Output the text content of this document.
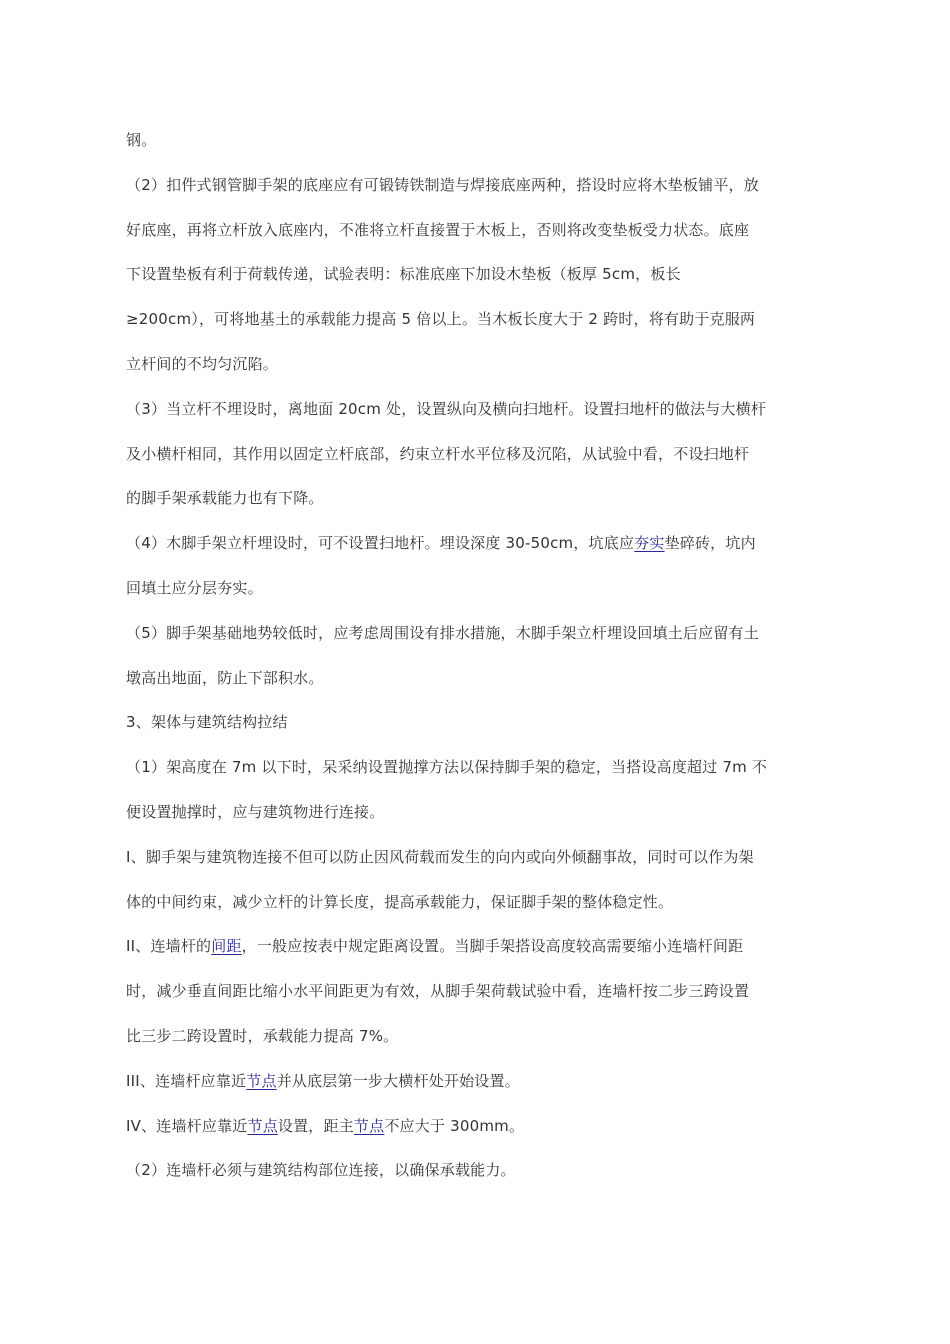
钢。
（2）扣件式钢管脚手架的底座应有可锻铸铁制造与焊接底座两种，搭设时应将木垫板铺平，放
好底座，再将立杆放入底座内，不准将立杆直接置于木板上，否则将改变垫板受力状态。底座
下设置垫板有利于荷载传递，试验表明：标准底座下加设木垫板（板厚 5cm，板长
≥200cm），可将地基土的承载能力提高 5 倍以上。当木板长度大于 2 跨时，将有助于克服两
立杆间的不均匀沉陷。
（3）当立杆不埋设时，离地面 20cm 处，设置纵向及横向扫地杆。设置扫地杆的做法与大横杆
及小横杆相同，其作用以固定立杆底部，约束立杆水平位移及沉陷，从试验中看，不设扫地杆
的脚手架承载能力也有下降。
（4）木脚手架立杆埋设时，可不设置扫地杆。埋设深度 30-50cm，坑底应夯实垫碎砖，坑内
回填土应分层夯实。
（5）脚手架基础地势较低时，应考虑周围设有排水措施，木脚手架立杆埋设回填土后应留有土
墩高出地面，防止下部积水。
3、架体与建筑结构拉结
（1）架高度在 7m 以下时，呆采纳设置抛撑方法以保持脚手架的稳定，当搭设高度超过 7m 不
便设置抛撑时，应与建筑物进行连接。
I、脚手架与建筑物连接不但可以防止因风荷载而发生的向内或向外倾翻事故，同时可以作为架
体的中间约束，减少立杆的计算长度，提高承载能力，保证脚手架的整体稳定性。
II、连墙杆的间距，一般应按表中规定距离设置。当脚手架搭设高度较高需要缩小连墙杆间距
时，减少垂直间距比缩小水平间距更为有效，从脚手架荷载试验中看，连墙杆按二步三跨设置
比三步二跨设置时，承载能力提高 7%。
III、连墙杆应靠近节点并从底层第一步大横杆处开始设置。
IV、连墙杆应靠近节点设置，距主节点不应大于 300mm。
（2）连墙杆必须与建筑结构部位连接，以确保承载能力。
